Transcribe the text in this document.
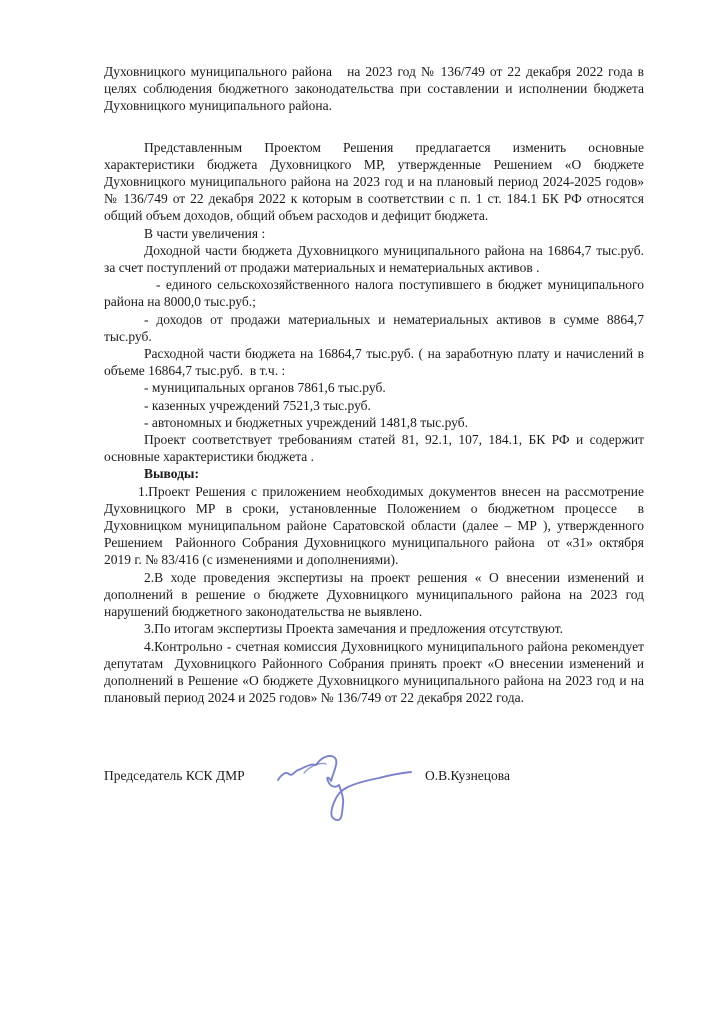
Духовницкого муниципального района   на 2023 год № 136/749 от 22 декабря 2022 года в целях соблюдения бюджетного законодательства при составлении и исполнении бюджета Духовницкого муниципального района.

Представленным Проектом Решения предлагается изменить основные характеристики бюджета Духовницкого МР, утвержденные Решением «О бюджете Духовницкого муниципального района на 2023 год и на плановый период 2024-2025 годов» № 136/749 от 22 декабря 2022 к которым в соответствии с п. 1 ст. 184.1 БК РФ относятся общий объем доходов, общий объем расходов и дефицит бюджета.

В части увеличения :

Доходной части бюджета Духовницкого муниципального района на 16864,7 тыс.руб. за счет поступлений от продажи материальных и нематериальных активов .

- единого сельскохозяйственного налога поступившего в бюджет муниципального района на 8000,0 тыс.руб.;

- доходов от продажи материальных и нематериальных активов в сумме 8864,7 тыс.руб.

Расходной части бюджета на 16864,7 тыс.руб. ( на заработную плату и начислений в объеме 16864,7 тыс.руб.  в т.ч. :

- муниципальных органов 7861,6 тыс.руб.

- казенных учреждений 7521,3 тыс.руб.

- автономных и бюджетных учреждений 1481,8 тыс.руб.

Проект соответствует требованиям статей 81, 92.1, 107, 184.1, БК РФ и содержит основные характеристики бюджета .

Выводы:

1.Проект Решения с приложением необходимых документов внесен на рассмотрение Духовницкого МР в сроки, установленные Положением о бюджетном процессе  в Духовницком муниципальном районе Саратовской области (далее – МР ), утвержденного Решением  Районного Собрания Духовницкого муниципального района  от «31» октября 2019 г. № 83/416 (с изменениями и дополнениями).

2.В ходе проведения экспертизы на проект решения « О внесении изменений и дополнений в решение о бюджете Духовницкого муниципального района на 2023 год нарушений бюджетного законодательства не выявлено.

3.По итогам экспертизы Проекта замечания и предложения отсутствуют.

4.Контрольно - счетная комиссия Духовницкого муниципального района рекомендует  депутатам  Духовницкого Районного Собрания принять проект «О внесении изменений и дополнений в Решение «О бюджете Духовницкого муниципального района на 2023 год и на плановый период 2024 и 2025 годов» № 136/749 от 22 декабря 2022 года.

Председатель КСК ДМР	О.В.Кузнецова
